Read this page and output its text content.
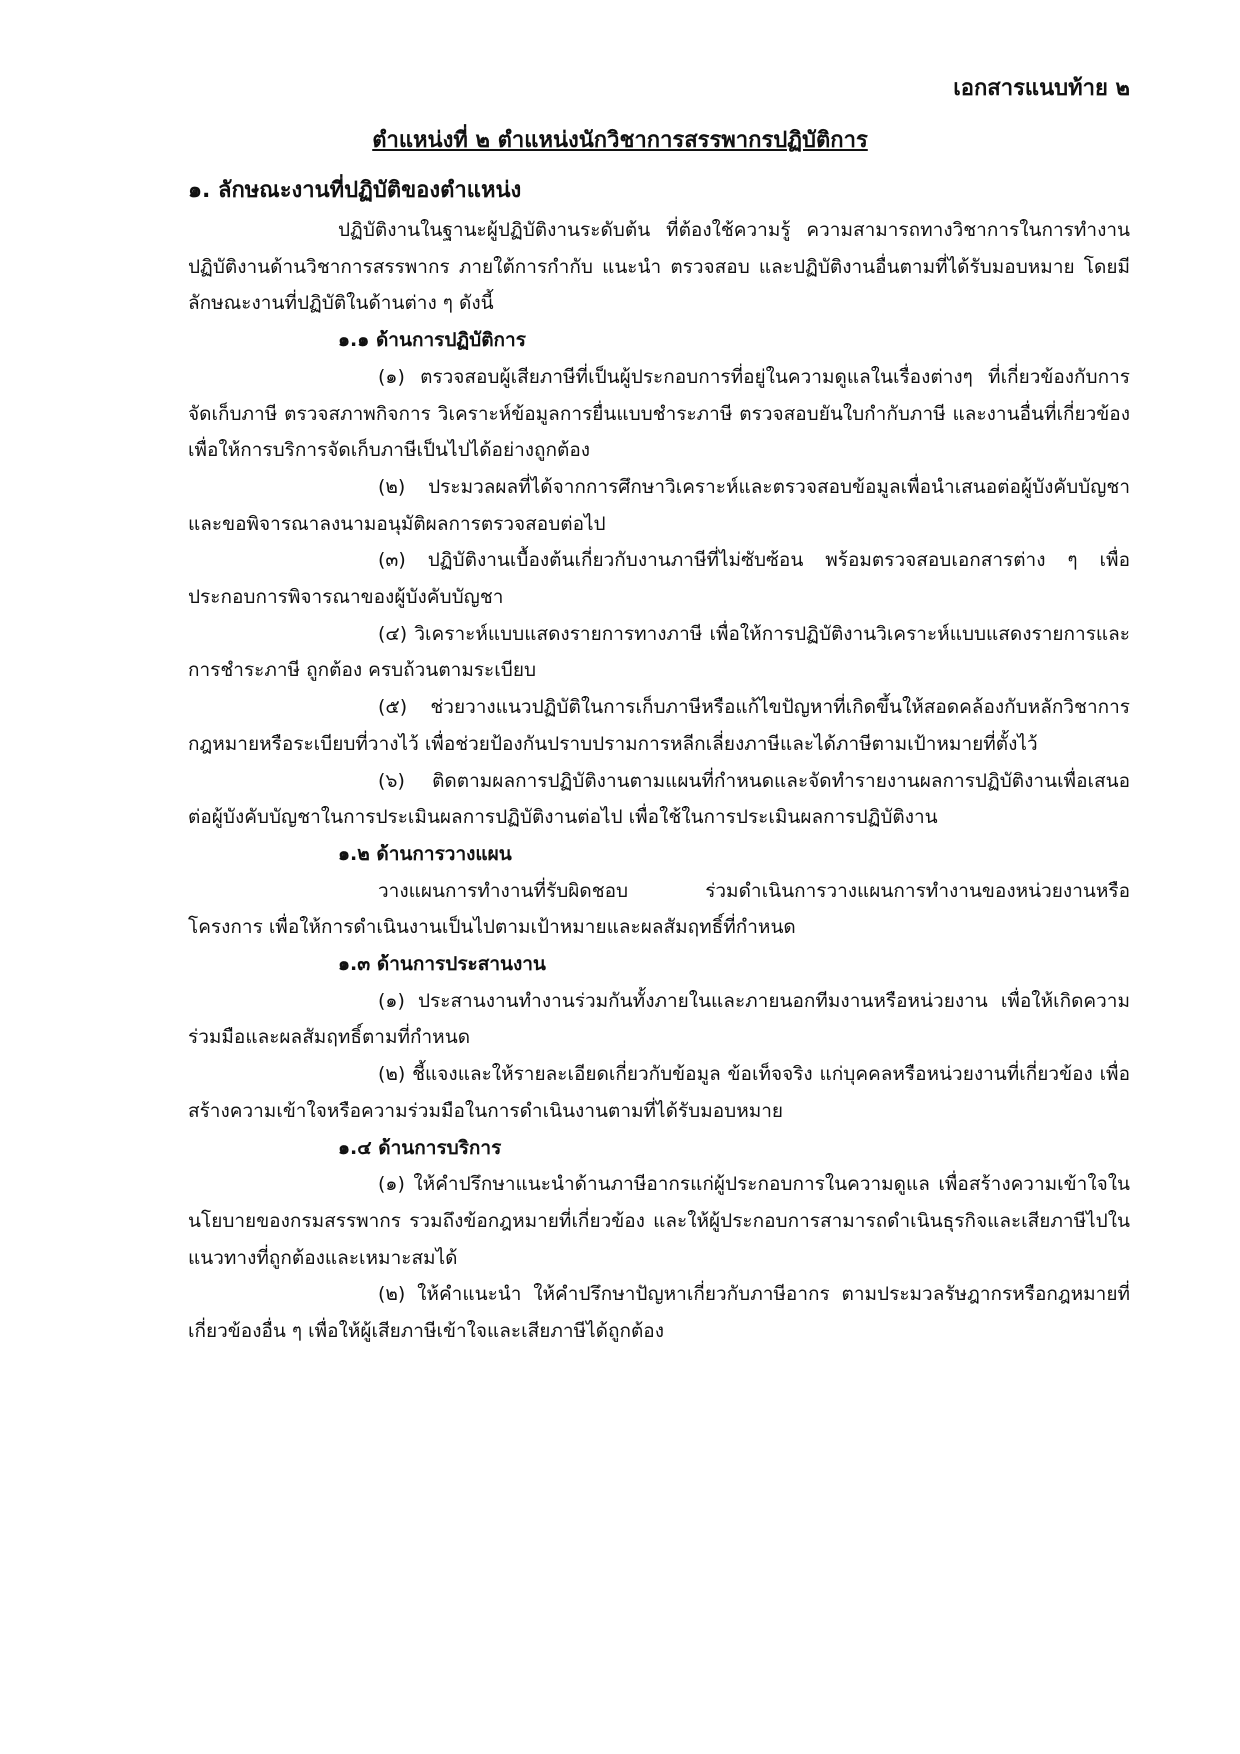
เอกสารแนบท้าย ๒
ตำแหน่งที่ ๒ ตำแหน่งนักวิชาการสรรพากรปฏิบัติการ
๑. ลักษณะงานที่ปฏิบัติของตำแหน่ง

ปฏิบัติงานในฐานะผู้ปฏิบัติงานระดับต้น ที่ต้องใช้ความรู้ ความสามารถทางวิชาการในการทำงาน ปฏิบัติงานด้านวิชาการสรรพากร ภายใต้การกำกับ แนะนำ ตรวจสอบ และปฏิบัติงานอื่นตามที่ได้รับมอบหมาย โดยมีลักษณะงานที่ปฏิบัติในด้านต่าง ๆ ดังนี้

๑.๑ ด้านการปฏิบัติการ

(๑) ตรวจสอบผู้เสียภาษีที่เป็นผู้ประกอบการที่อยู่ในความดูแลในเรื่องต่างๆ ที่เกี่ยวข้องกับการจัดเก็บภาษี ตรวจสภาพกิจการ วิเคราะห์ข้อมูลการยื่นแบบชำระภาษี ตรวจสอบยันใบกำกับภาษี และงานอื่นที่เกี่ยวข้อง เพื่อให้การบริการจัดเก็บภาษีเป็นไปได้อย่างถูกต้อง

(๒) ประมวลผลที่ได้จากการศึกษาวิเคราะห์และตรวจสอบข้อมูลเพื่อนำเสนอต่อผู้บังคับบัญชาและขอพิจารณาลงนามอนุมัติผลการตรวจสอบต่อไป

(๓) ปฏิบัติงานเบื้องต้นเกี่ยวกับงานภาษีที่ไม่ซับซ้อน พร้อมตรวจสอบเอกสารต่าง ๆ เพื่อประกอบการพิจารณาของผู้บังคับบัญชา

(๔) วิเคราะห์แบบแสดงรายการทางภาษี เพื่อให้การปฏิบัติงานวิเคราะห์แบบแสดงรายการและการชำระภาษี ถูกต้อง ครบถ้วนตามระเบียบ

(๕) ช่วยวางแนวปฏิบัติในการเก็บภาษีหรือแก้ไขปัญหาที่เกิดขึ้นให้สอดคล้องกับหลักวิชาการกฎหมายหรือระเบียบที่วางไว้ เพื่อช่วยป้องกันปราบปรามการหลีกเลี่ยงภาษีและได้ภาษีตามเป้าหมายที่ตั้งไว้

(๖) ติดตามผลการปฏิบัติงานตามแผนที่กำหนดและจัดทำรายงานผลการปฏิบัติงานเพื่อเสนอต่อผู้บังคับบัญชาในการประเมินผลการปฏิบัติงานต่อไป เพื่อใช้ในการประเมินผลการปฏิบัติงาน

๑.๒ ด้านการวางแผน

วางแผนการทำงานที่รับผิดชอบ ร่วมดำเนินการวางแผนการทำงานของหน่วยงานหรือโครงการ เพื่อให้การดำเนินงานเป็นไปตามเป้าหมายและผลสัมฤทธิ์ที่กำหนด

๑.๓ ด้านการประสานงาน

(๑) ประสานงานทำงานร่วมกันทั้งภายในและภายนอกทีมงานหรือหน่วยงาน เพื่อให้เกิดความร่วมมือและผลสัมฤทธิ์ตามที่กำหนด

(๒) ชี้แจงและให้รายละเอียดเกี่ยวกับข้อมูล ข้อเท็จจริง แก่บุคคลหรือหน่วยงานที่เกี่ยวข้อง เพื่อสร้างความเข้าใจหรือความร่วมมือในการดำเนินงานตามที่ได้รับมอบหมาย

๑.๔ ด้านการบริการ

(๑) ให้คำปรึกษาแนะนำด้านภาษีอากรแก่ผู้ประกอบการในความดูแล เพื่อสร้างความเข้าใจในนโยบายของกรมสรรพากร รวมถึงข้อกฎหมายที่เกี่ยวข้อง และให้ผู้ประกอบการสามารถดำเนินธุรกิจและเสียภาษีไปในแนวทางที่ถูกต้องและเหมาะสมได้

(๒) ให้คำแนะนำ ให้คำปรึกษาปัญหาเกี่ยวกับภาษีอากร ตามประมวลรัษฎากรหรือกฎหมายที่เกี่ยวข้องอื่น ๆ เพื่อให้ผู้เสียภาษีเข้าใจและเสียภาษีได้ถูกต้อง
